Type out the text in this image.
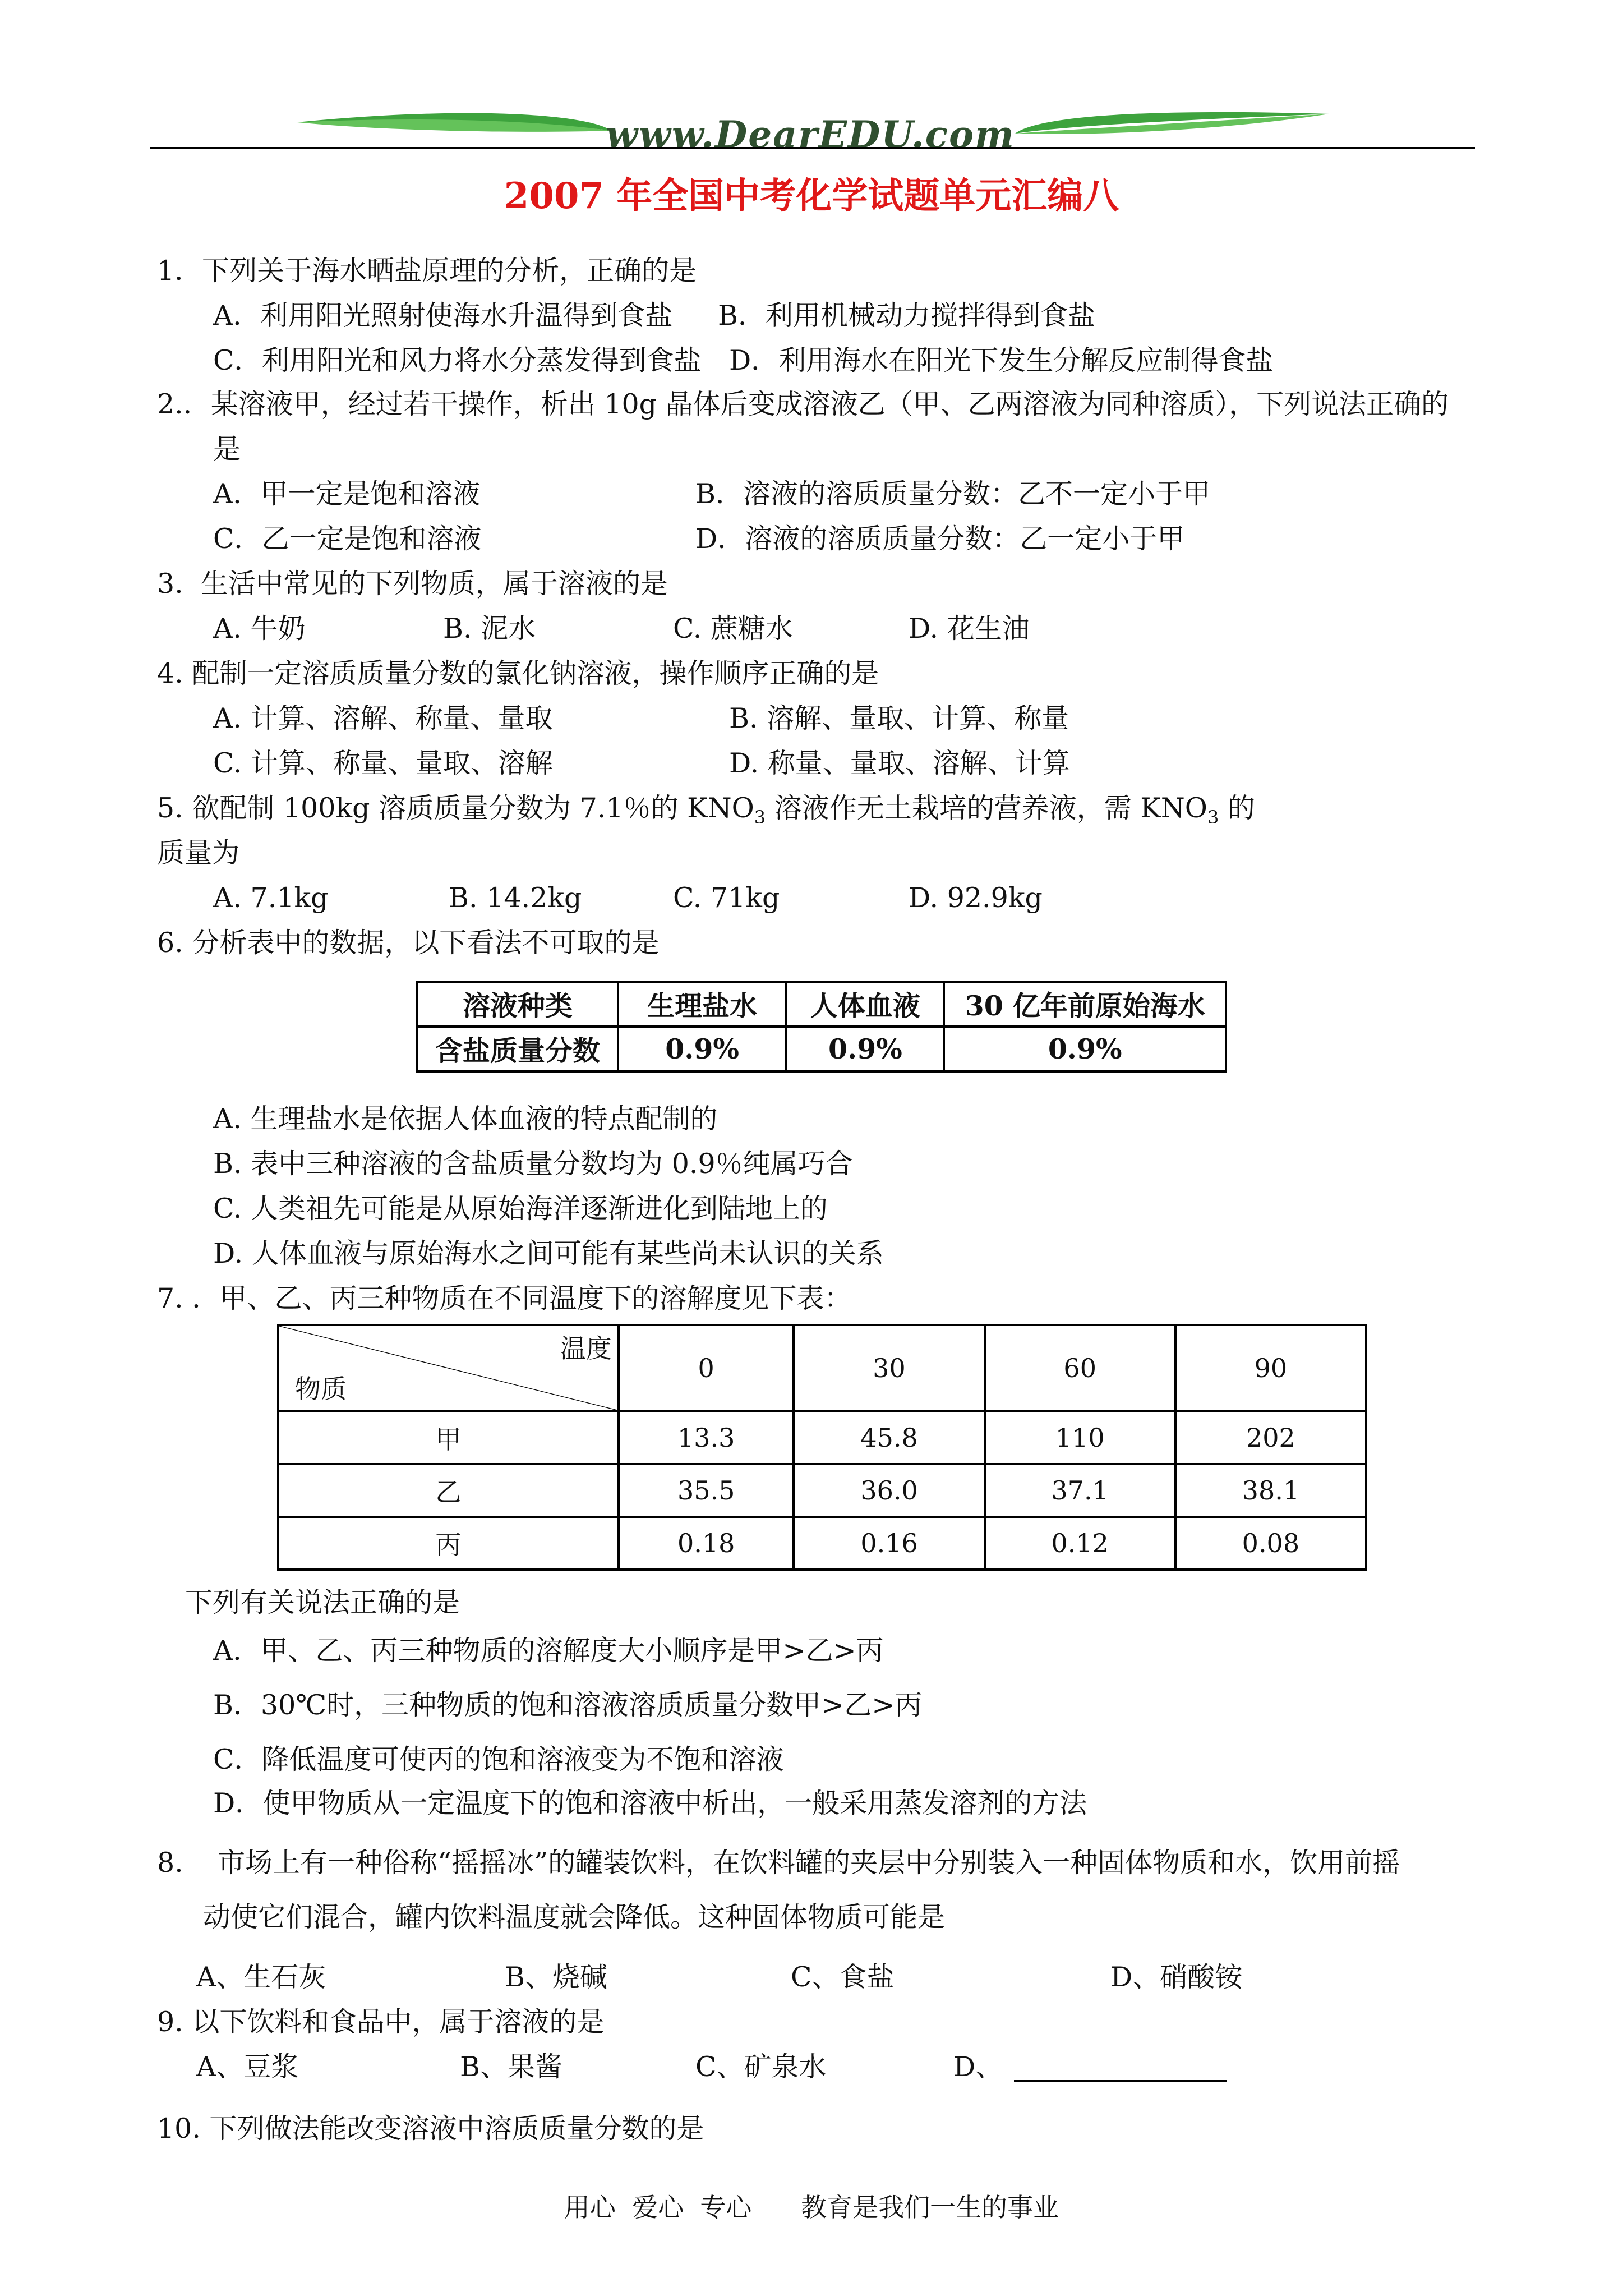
www.DearEDU.com
2007 年全国中考化学试题单元汇编八
1．下列关于海水晒盐原理的分析，正确的是
A．利用阳光照射使海水升温得到食盐 B．利用机械动力搅拌得到食盐
C．利用阳光和风力将水分蒸发得到食盐 D．利用海水在阳光下发生分解反应制得食盐
2.．某溶液甲，经过若干操作，析出 10g 晶体后变成溶液乙（甲、乙两溶液为同种溶质），下列说法正确的
是
A．甲一定是饱和溶液	B．溶液的溶质质量分数：乙不一定小于甲
C．乙一定是饱和溶液	D．溶液的溶质质量分数：乙一定小于甲
3.  生活中常见的下列物质，属于溶液的是
A. 牛奶	B. 泥水	C. 蔗糖水	D. 花生油
4. 配制一定溶质质量分数的氯化钠溶液，操作顺序正确的是
A. 计算、溶解、称量、量取	B. 溶解、量取、计算、称量
C. 计算、称量、量取、溶解	D. 称量、量取、溶解、计算
5. 欲配制 100kg 溶质质量分数为 7.1％的 $KNO_3$ 溶液作无土栽培的营养液，需 $KNO_3$ 的
质量为
A. 7.1kg	B. 14.2kg	C. 71kg	D. 92.9kg
6. 分析表中的数据，以下看法不可取的是
溶液种类	生理盐水	人体血液	30 亿年前原始海水
含盐质量分数	0.9%	0.9%	0.9%
A. 生理盐水是依据人体血液的特点配制的
B. 表中三种溶液的含盐质量分数均为 0.9％纯属巧合
C. 人类祖先可能是从原始海洋逐渐进化到陆地上的
D. 人体血液与原始海水之间可能有某些尚未认识的关系
7. ．甲、乙、丙三种物质在不同温度下的溶解度见下表：
温度
物质	0	30	60	90
甲	13.3	45.8	110	202
乙	35.5	36.0	37.1	38.1
丙	0.18	0.16	0.12	0.08
下列有关说法正确的是
A．甲、乙、丙三种物质的溶解度大小顺序是甲>乙>丙
B．30℃时，三种物质的饱和溶液溶质质量分数甲>乙>丙
C．降低温度可使丙的饱和溶液变为不饱和溶液
D．使甲物质从一定温度下的饱和溶液中析出，一般采用蒸发溶剂的方法
8. 市场上有一种俗称“摇摇冰”的罐装饮料，在饮料罐的夹层中分别装入一种固体物质和水，饮用前摇
动使它们混合，罐内饮料温度就会降低。这种固体物质可能是
A、生石灰	B、烧碱	C、食盐	D、硝酸铵
9. 以下饮料和食品中，属于溶液的是
A、豆浆	B、果酱	C、矿泉水	D、
10. 下列做法能改变溶液中溶质质量分数的是
用心  爱心  专心      教育是我们一生的事业
